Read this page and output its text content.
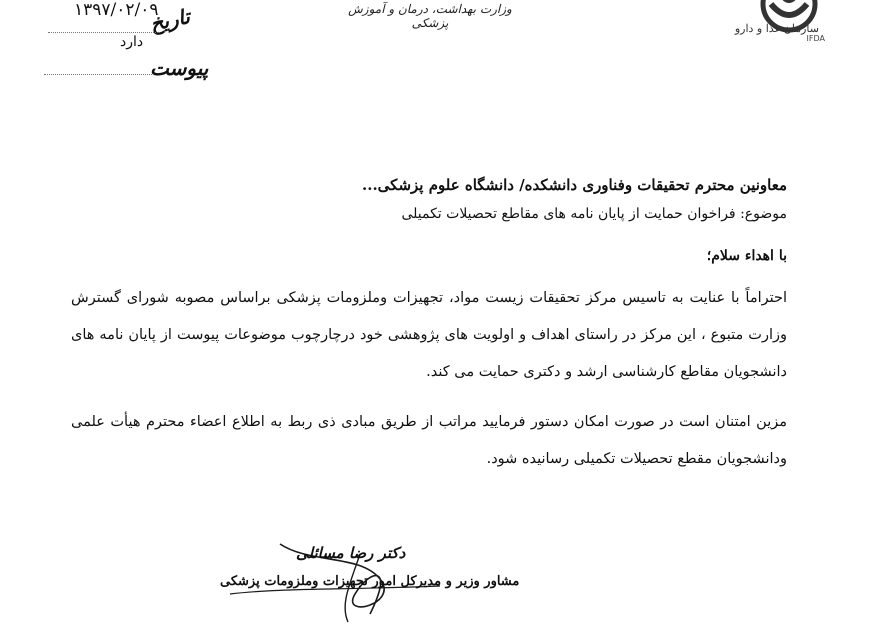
سازمان غذا و دارو
IFDA
وزارت بهداشت، درمان و آموزش پزشکی
۱۳۹۷/۰۲/۰۹
تاریخ
دارد
پیوست
معاونین محترم تحقیقات وفناوری دانشکده/ دانشگاه علوم پزشکی...
موضوع: فراخوان حمایت از پایان نامه های مقاطع تحصیلات تکمیلی
با اهداء سلام؛
احتراماً با عنایت به تاسیس مرکز تحقیقات زیست مواد، تجهیزات وملزومات پزشکی براساس مصوبه شورای گسترش وزارت متبوع ، این مرکز در راستای اهداف و اولویت های پژوهشی خود درچارچوب موضوعات پیوست از پایان نامه های دانشجویان مقاطع کارشناسی ارشد و دکتری حمایت می کند.
مزین امتنان است در صورت امکان دستور فرمایید مراتب از طریق مبادی ذی ربط به اطلاع اعضاء محترم هیأت علمی ودانشجویان مقطع تحصیلات تکمیلی رسانیده شود.
دکتر رضا مسائلی
مشاور وزیر و مدیرکل امور تجهیزات وملزومات پزشکی
